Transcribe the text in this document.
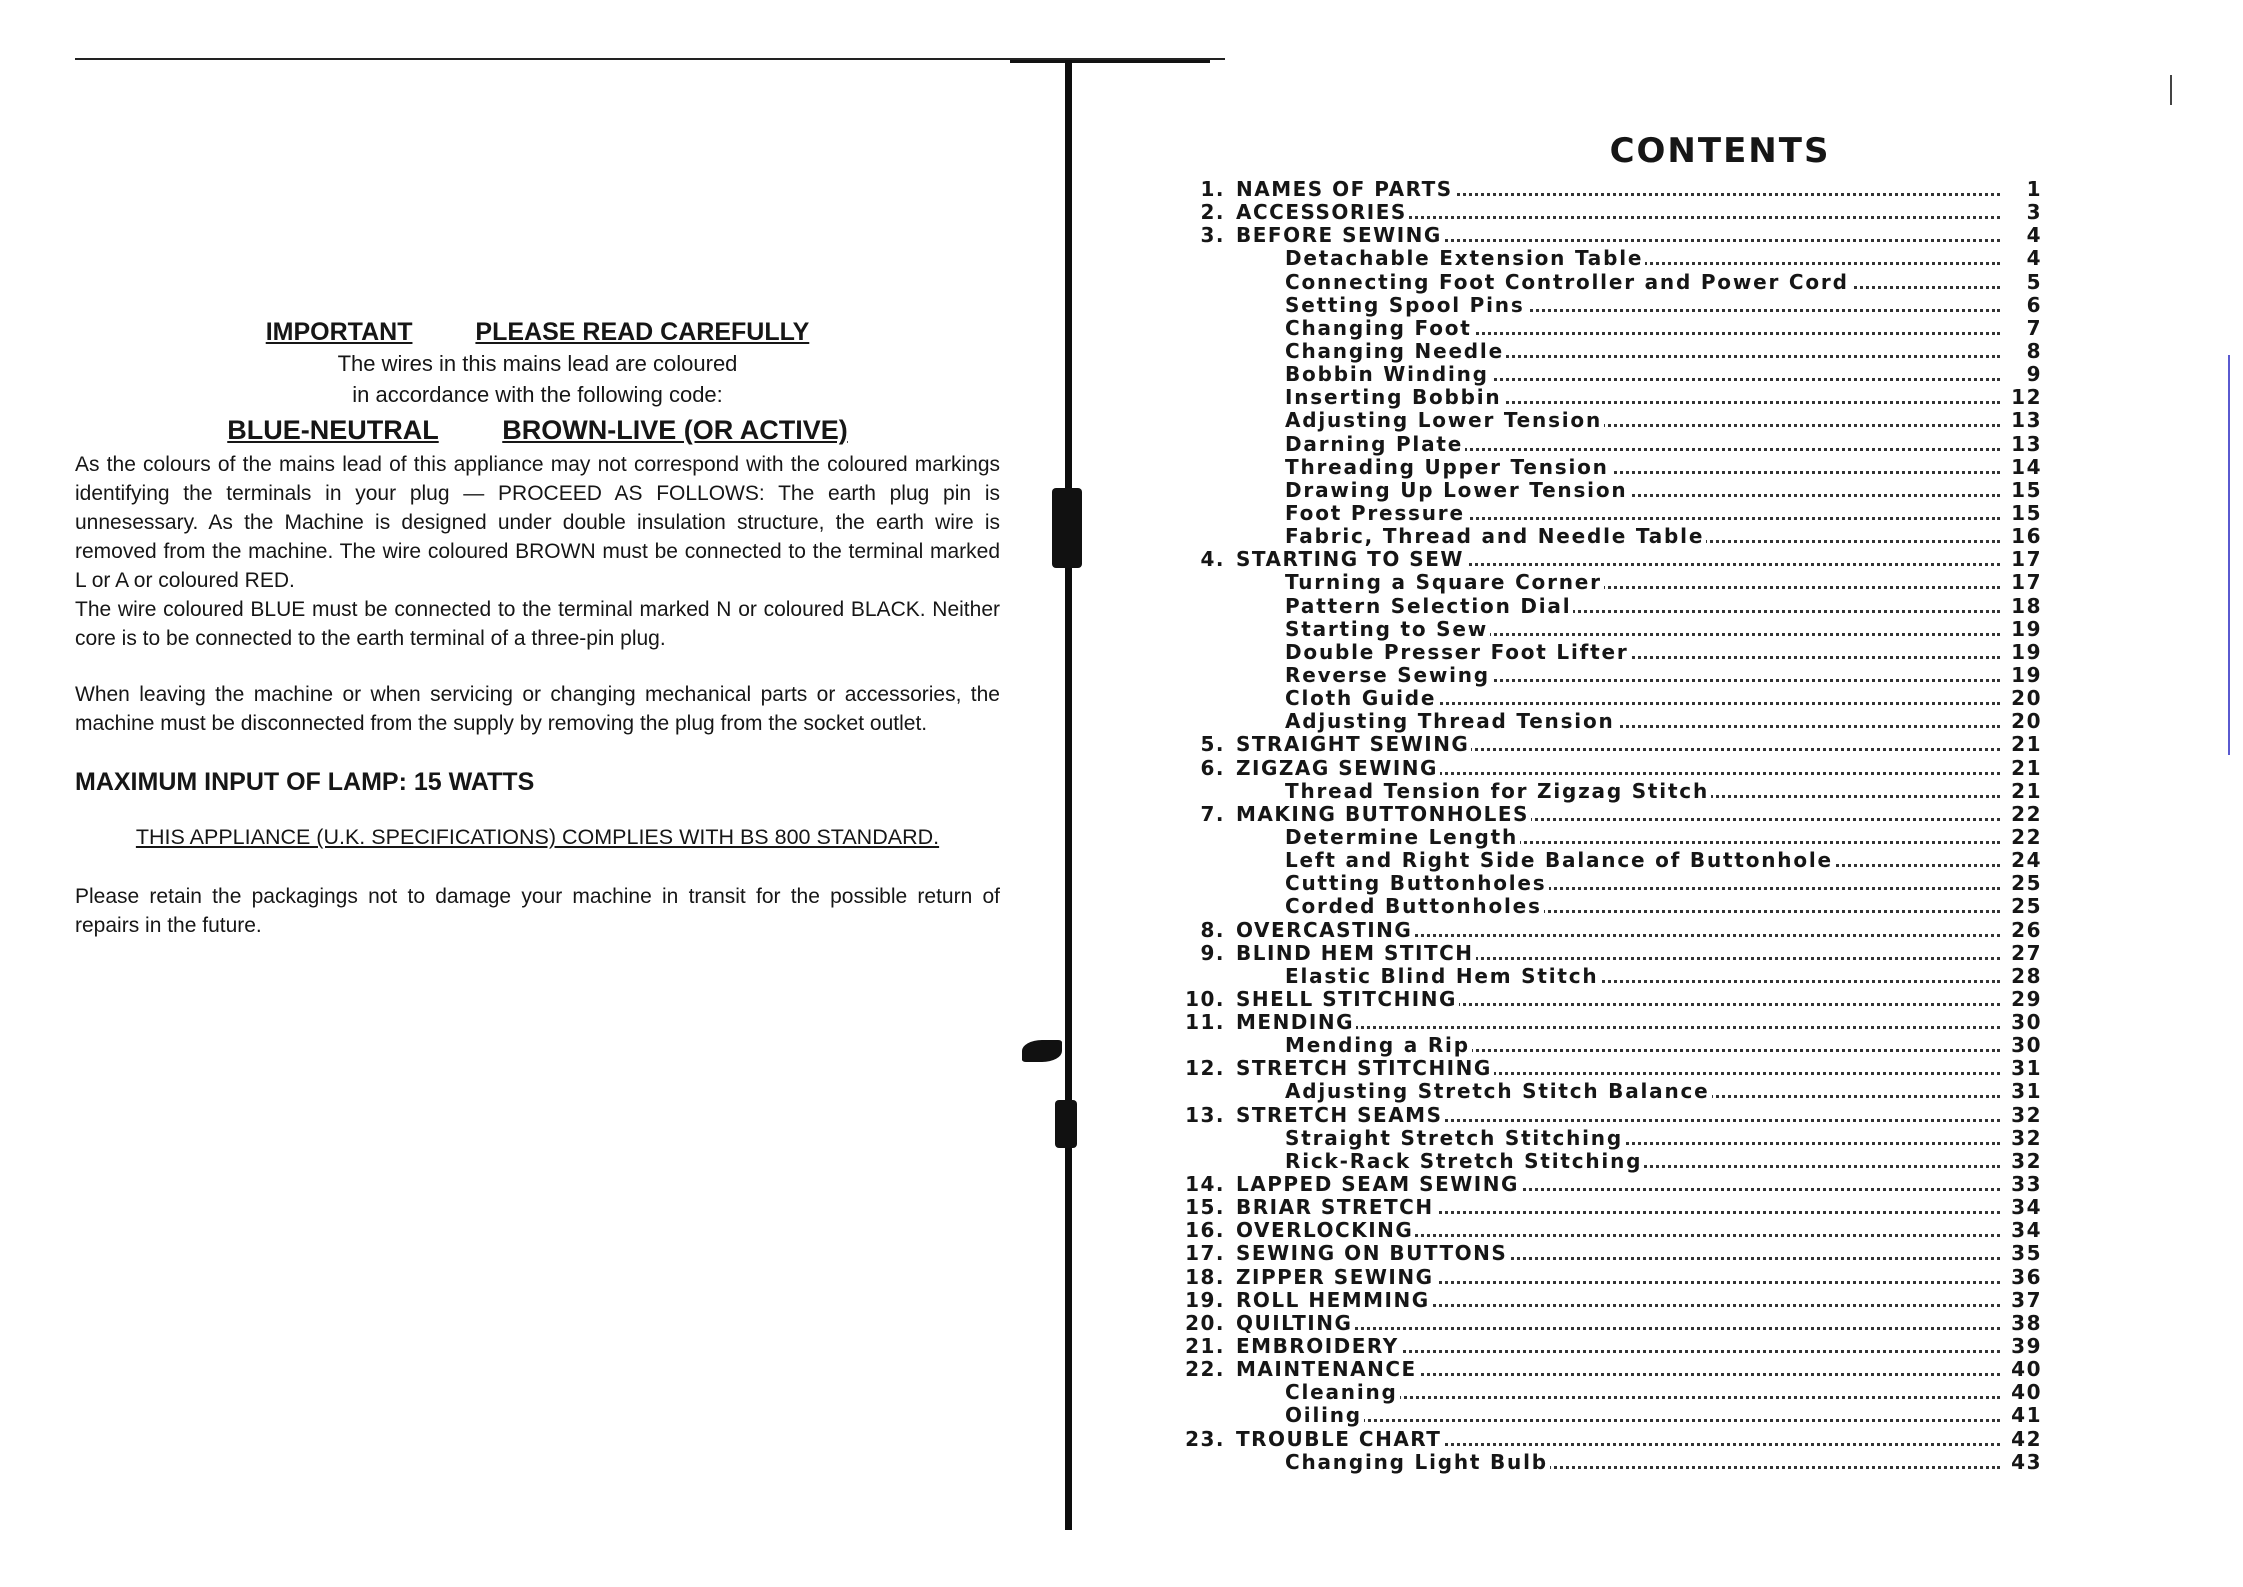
IMPORTANT	PLEASE READ CAREFULLY
The wires in this mains lead are coloured
in accordance with the following code:
BLUE-NEUTRAL BROWN-LIVE (OR ACTIVE)

As the colours of the mains lead of this appliance may not correspond with the coloured markings identifying the terminals in your plug — PROCEED AS FOLLOWS: The earth plug pin is unnesessary. As the Machine is designed under double insulation structure, the earth wire is removed from the machine. The wire coloured BROWN must be connected to the terminal marked L or A or coloured RED.

The wire coloured BLUE must be connected to the terminal marked N or coloured BLACK. Neither core is to be connected to the earth terminal of a three-pin plug.

When leaving the machine or when servicing or changing mechanical parts or accessories, the machine must be disconnected from the supply by removing the plug from the socket outlet.

MAXIMUM INPUT OF LAMP: 15 WATTS
THIS APPLIANCE (U.K. SPECIFICATIONS) COMPLIES WITH BS 800 STANDARD.

Please retain the packagings not to damage your machine in transit for the possible return of repairs in the future.

CONTENTS
1. NAMES OF PARTS	1
2. ACCESSORIES	3
3. BEFORE SEWING	4
Detachable Extension Table	4
Connecting Foot Controller and Power Cord	5
Setting Spool Pins	6
Changing Foot	7
Changing Needle	8
Bobbin Winding	9
Inserting Bobbin	12
Adjusting Lower Tension	13
Darning Plate	13
Threading Upper Tension	14
Drawing Up Lower Tension	15
Foot Pressure	15
Fabric, Thread and Needle Table	16
4. STARTING TO SEW	17
Turning a Square Corner	17
Pattern Selection Dial	18
Starting to Sew	19
Double Presser Foot Lifter	19
Reverse Sewing	19
Cloth Guide	20
Adjusting Thread Tension	20
5. STRAIGHT SEWING	21
6. ZIGZAG SEWING	21
Thread Tension for Zigzag Stitch	21
7. MAKING BUTTONHOLES	22
Determine Length	22
Left and Right Side Balance of Buttonhole	24
Cutting Buttonholes	25
Corded Buttonholes	25
8. OVERCASTING	26
9. BLIND HEM STITCH	27
Elastic Blind Hem Stitch	28
10. SHELL STITCHING	29
11. MENDING	30
Mending a Rip	30
12. STRETCH STITCHING	31
Adjusting Stretch Stitch Balance	31
13. STRETCH SEAMS	32
Straight Stretch Stitching	32
Rick-Rack Stretch Stitching	32
14. LAPPED SEAM SEWING	33
15. BRIAR STRETCH	34
16. OVERLOCKING	34
17. SEWING ON BUTTONS	35
18. ZIPPER SEWING	36
19. ROLL HEMMING	37
20. QUILTING	38
21. EMBROIDERY	39
22. MAINTENANCE	40
Cleaning	40
Oiling	41
23. TROUBLE CHART	42
Changing Light Bulb	43
